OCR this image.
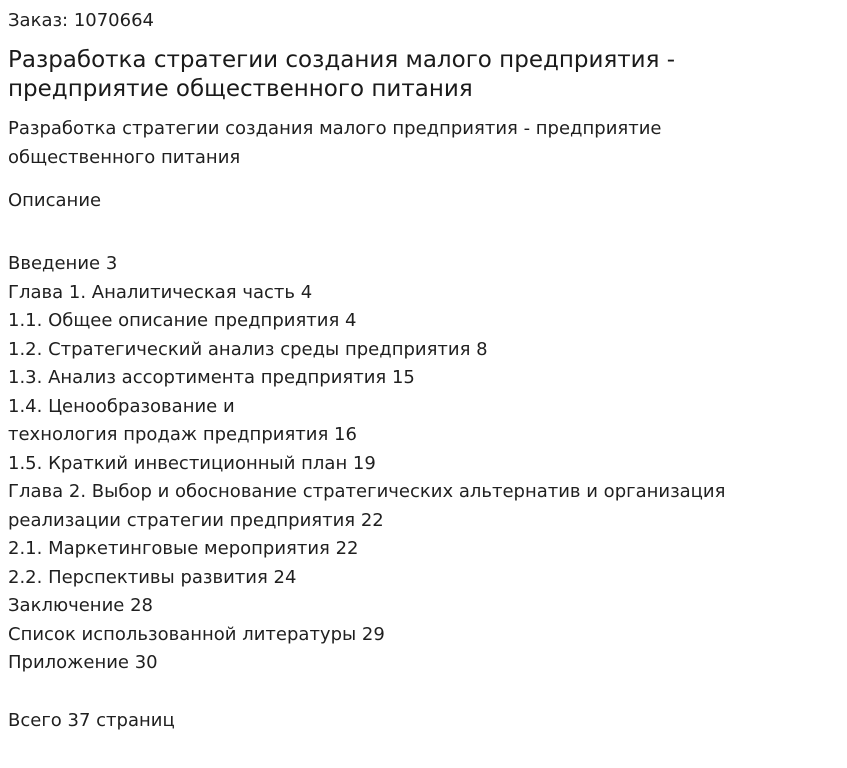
Заказ: 1070664

Разработка стратегии создания малого предприятия - предприятие общественного питания

Разработка стратегии создания малого предприятия - предприятие общественного питания

Описание

Введение 3
Глава 1. Аналитическая часть 4
1.1. Общее описание предприятия 4
1.2. Стратегический анализ среды предприятия 8
1.3. Анализ ассортимента предприятия 15
1.4. Ценообразование и
технология продаж предприятия 16
1.5. Краткий инвестиционный план 19
Глава 2. Выбор и обоснование стратегических альтернатив и организация
реализации стратегии предприятия 22
2.1. Маркетинговые мероприятия 22
2.2. Перспективы развития 24
Заключение 28
Список использованной литературы 29
Приложение 30

Всего 37 страниц
